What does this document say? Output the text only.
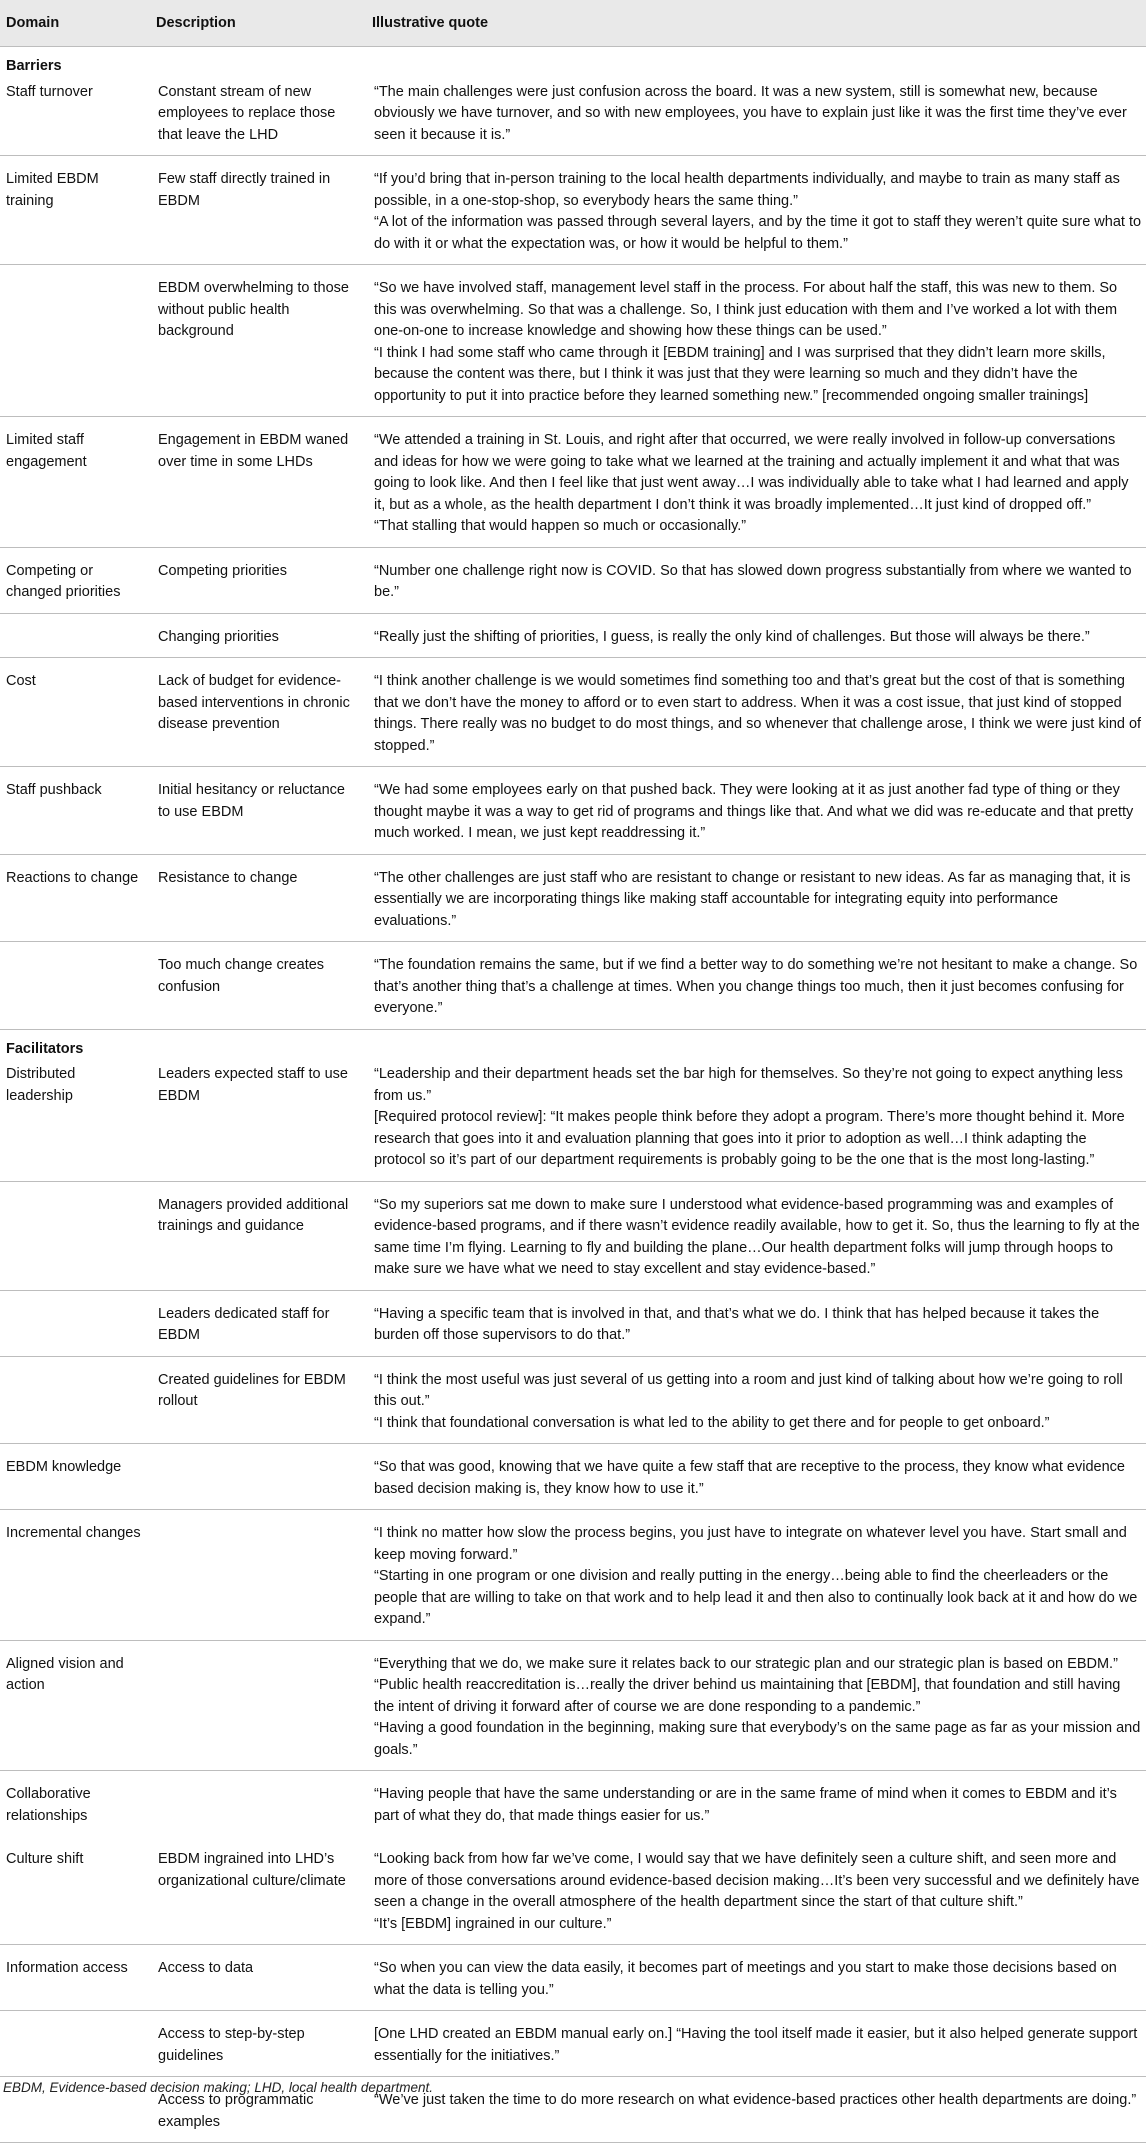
Domain	Description	Illustrative quote
Barriers		
Staff turnover	Constant stream of new employees to replace those that leave the LHD	“The main challenges were just confusion across the board. It was a new system, still is somewhat new, because obviously we have turnover, and so with new employees, you have to explain just like it was the first time they’ve ever seen it because it is.”

Limited EBDM training	Few staff directly trained in EBDM	“If you’d bring that in-person training to the local health departments individually, and maybe to train as many staff as possible, in a one-stop-shop, so everybody hears the same thing.”

“A lot of the information was passed through several layers, and by the time it got to staff they weren’t quite sure what to do with it or what the expectation was, or how it would be helpful to them.”

	EBDM overwhelming to those without public health background	“So we have involved staff, management level staff in the process. For about half the staff, this was new to them. So this was overwhelming. So that was a challenge. So, I think just education with them and I’ve worked a lot with them one-on-one to increase knowledge and showing how these things can be used.”

“I think I had some staff who came through it [EBDM training] and I was surprised that they didn’t learn more skills, because the content was there, but I think it was just that they were learning so much and they didn’t have the opportunity to put it into practice before they learned something new.” [recommended ongoing smaller trainings]

Limited staff engagement	Engagement in EBDM waned over time in some LHDs	“We attended a training in St. Louis, and right after that occurred, we were really involved in follow-up conversations and ideas for how we were going to take what we learned at the training and actually implement it and what that was going to look like. And then I feel like that just went away…I was individually able to take what I had learned and apply it, but as a whole, as the health department I don’t think it was broadly implemented…It just kind of dropped off.”

“That stalling that would happen so much or occasionally.”

Competing or changed priorities	Competing priorities	“Number one challenge right now is COVID. So that has slowed down progress substantially from where we wanted to be.”

	Changing priorities	“Really just the shifting of priorities, I guess, is really the only kind of challenges. But those will always be there.”

Cost	Lack of budget for evidence-based interventions in chronic disease prevention	“I think another challenge is we would sometimes find something too and that’s great but the cost of that is something that we don’t have the money to afford or to even start to address. When it was a cost issue, that just kind of stopped things. There really was no budget to do most things, and so whenever that challenge arose, I think we were just kind of stopped.”

Staff pushback	Initial hesitancy or reluctance to use EBDM	“We had some employees early on that pushed back. They were looking at it as just another fad type of thing or they thought maybe it was a way to get rid of programs and things like that. And what we did was re-educate and that pretty much worked. I mean, we just kept readdressing it.”

Reactions to change	Resistance to change	“The other challenges are just staff who are resistant to change or resistant to new ideas. As far as managing that, it is essentially we are incorporating things like making staff accountable for integrating equity into performance evaluations.”

	Too much change creates confusion	“The foundation remains the same, but if we find a better way to do something we’re not hesitant to make a change. So that’s another thing that’s a challenge at times. When you change things too much, then it just becomes confusing for everyone.”

Facilitators		
Distributed leadership	Leaders expected staff to use EBDM	“Leadership and their department heads set the bar high for themselves. So they’re not going to expect anything less from us.”

[Required protocol review]: “It makes people think before they adopt a program. There’s more thought behind it. More research that goes into it and evaluation planning that goes into it prior to adoption as well…I think adapting the protocol so it’s part of our department requirements is probably going to be the one that is the most long-lasting.”

	Managers provided additional trainings and guidance	“So my superiors sat me down to make sure I understood what evidence-based programming was and examples of evidence-based programs, and if there wasn’t evidence readily available, how to get it. So, thus the learning to fly at the same time I’m flying. Learning to fly and building the plane…Our health department folks will jump through hoops to make sure we have what we need to stay excellent and stay evidence-based.”

	Leaders dedicated staff for EBDM	“Having a specific team that is involved in that, and that’s what we do. I think that has helped because it takes the burden off those supervisors to do that.”

	Created guidelines for EBDM rollout	“I think the most useful was just several of us getting into a room and just kind of talking about how we’re going to roll this out.”

“I think that foundational conversation is what led to the ability to get there and for people to get onboard.”

EBDM knowledge		“So that was good, knowing that we have quite a few staff that are receptive to the process, they know what evidence based decision making is, they know how to use it.”

Incremental changes		“I think no matter how slow the process begins, you just have to integrate on whatever level you have. Start small and keep moving forward.”

“Starting in one program or one division and really putting in the energy…being able to find the cheerleaders or the people that are willing to take on that work and to help lead it and then also to continually look back at it and how do we expand.”

Aligned vision and action		“Everything that we do, we make sure it relates back to our strategic plan and our strategic plan is based on EBDM.”

“Public health reaccreditation is…really the driver behind us maintaining that [EBDM], that foundation and still having the intent of driving it forward after of course we are done responding to a pandemic.”

“Having a good foundation in the beginning, making sure that everybody’s on the same page as far as your mission and goals.”

Collaborative relationships		“Having people that have the same understanding or are in the same frame of mind when it comes to EBDM and it’s part of what they do, that made things easier for us.”

Culture shift	EBDM ingrained into LHD’s organizational culture/climate	“Looking back from how far we’ve come, I would say that we have definitely seen a culture shift, and seen more and more of those conversations around evidence-based decision making…It’s been very successful and we definitely have seen a change in the overall atmosphere of the health department since the start of that culture shift.”

“It’s [EBDM] ingrained in our culture.”

Information access	Access to data	“So when you can view the data easily, it becomes part of meetings and you start to make those decisions based on what the data is telling you.”

	Access to step-by-step guidelines	[One LHD created an EBDM manual early on.] “Having the tool itself made it easier, but it also helped generate support essentially for the initiatives.”

	Access to programmatic examples	“We’ve just taken the time to do more research on what evidence-based practices other health departments are doing.”

EBDM, Evidence-based decision making; LHD, local health department.
